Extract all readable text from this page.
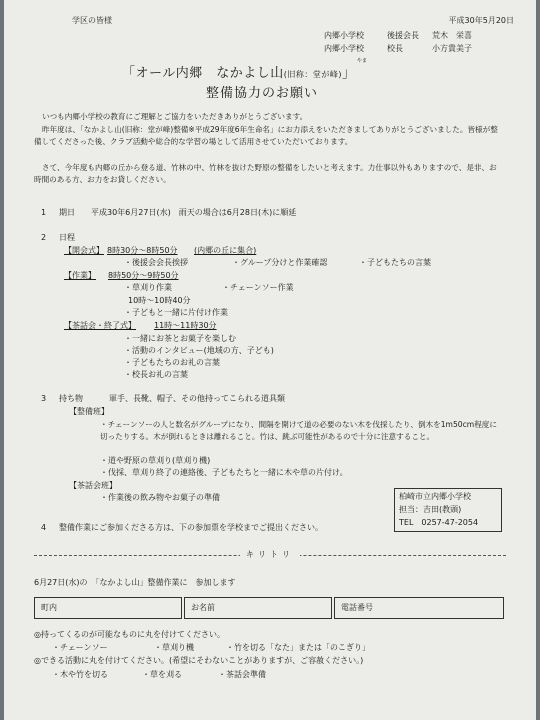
平成30年5月20日
学区の皆様
内郷小学校	後援会長 荒木　栄喜
内郷小学校	校長	小方貴美子
やま
「オール内郷　なかよし山(旧称：堂が峰)」
整備協力のお願い
いつも内郷小学校の教育にご理解とご協力をいただきありがとうございます。
昨年度は、「なかよし山(旧称：堂が峰)整備※平成29年度6年生命名」にお力添えをいただきましてありがとうございました。皆様が整備してくださった後、クラブ活動や総合的な学習の場として活用させていただいております。
さて、今年度も内郷の丘から登る道、竹林の中、竹林を抜けた野原の整備をしたいと考えます。力仕事以外もありますので、是非、お時間のある方、お力をお貸しください。
1 期日 平成30年6月27日(水)　雨天の場合は6月28日(木)に順延
2 日程
【開会式】 8時30分～8時50分 (内郷の丘に集合)
・後援会会長挨拶	・グループ分けと作業確認	・子どもたちの言葉
【作業】 8時50分～9時50分
・草刈り作業	・チェーンソー作業
10時～10時40分
・子どもと一緒に片付け作業
【茶話会・終了式】 11時～11時30分
・一緒にお茶とお菓子を楽しむ
・活動のインタビュー(地域の方、子ども)
・子どもたちのお礼の言葉
・校長お礼の言葉
3 持ち物	軍手、長靴、帽子、その他持ってこられる道具類
【整備班】
・チェーンソーの人と数名がグループになり、間隔を開けて道の必要のない木を伐採したり、倒木を1m50cm程度に切ったりする。木が倒れるときは離れること。竹は、跳ぶ可能性があるので十分に注意すること。
・道や野原の草刈り(草刈り機)
・伐採、草刈り終了の連絡後、子どもたちと一緒に木や草の片付け。
【茶話会班】
・作業後の飲み物やお菓子の準備	柏崎市立内郷小学校
担当：吉田(教頭)
TEL　0257-47-2054
4 整備作業にご参加くださる方は、下の参加票を学校までご提出ください。
キリトリ
6月27日(水)の　「なかよし山」整備作業に　参加します
町内	お名前	電話番号
◎持ってくるのが可能なものに丸を付けてください。
・チェーンソー	・草刈り機	・竹を切る「なた」または「のこぎり」
◎できる活動に丸を付けてください。(希望にそわないことがありますが、ご容赦ください。)
・木や竹を切る	・草を刈る	・茶話会準備
